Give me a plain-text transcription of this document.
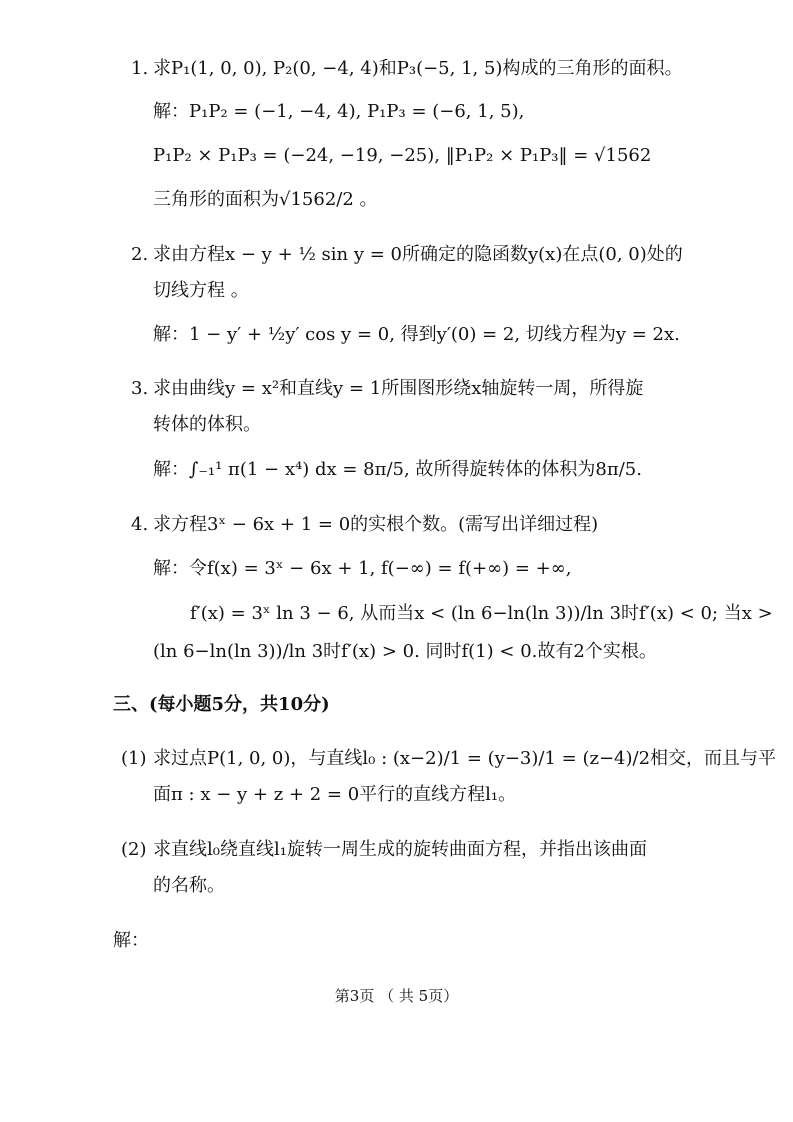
1. 求P₁(1, 0, 0), P₂(0, −4, 4)和P₃(−5, 1, 5)构成的三角形的面积。
解：P₁P₂ = (−1, −4, 4), P₁P₃ = (−6, 1, 5),
P₁P₂ × P₁P₃ = (−24, −19, −25), ‖P₁P₂ × P₁P₃‖ = √1562
三角形的面积为√1562/2 。
2. 求由方程x − y + ½ sin y = 0所确定的隐函数y(x)在点(0, 0)处的
切线方程 。
解：1 − y′ + ½y′ cos y = 0, 得到y′(0) = 2, 切线方程为y = 2x.
3. 求由曲线y = x²和直线y = 1所围图形绕x轴旋转一周，所得旋
转体的体积。
解：∫₋₁¹ π(1 − x⁴) dx = 8π/5, 故所得旋转体的体积为8π/5.
4. 求方程3ˣ − 6x + 1 = 0的实根个数。(需写出详细过程)
解：令f(x) = 3ˣ − 6x + 1, f(−∞) = f(+∞) = +∞,
f′(x) = 3ˣ ln 3 − 6, 从而当x < (ln 6−ln(ln 3))/ln 3时f′(x) < 0; 当x >
(ln 6−ln(ln 3))/ln 3时f′(x) > 0. 同时f(1) < 0.故有2个实根。
三、(每小题5分，共10分)
(1) 求过点P(1, 0, 0)，与直线l₀ : (x−2)/1 = (y−3)/1 = (z−4)/2相交，而且与平
面π : x − y + z + 2 = 0平行的直线方程l₁。
(2) 求直线l₀绕直线l₁旋转一周生成的旋转曲面方程，并指出该曲面
的名称。
解：
第3页 （ 共 5页）
